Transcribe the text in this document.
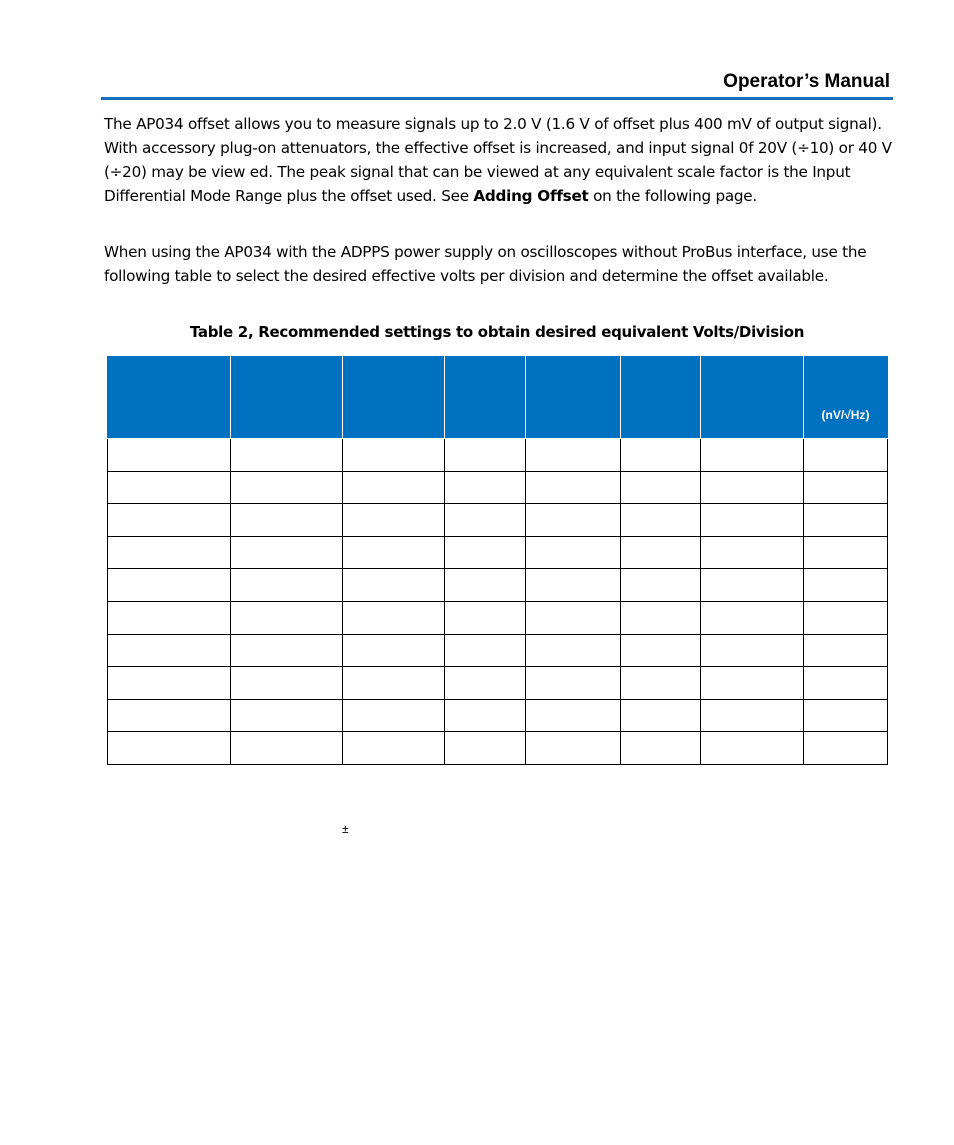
Operator’s Manual

The AP034 offset allows you to measure signals up to 2.0 V (1.6 V of offset plus 400 mV of output signal). With accessory plug-on attenuators, the effective offset is increased, and input signal 0f 20V (÷10) or 40 V (÷20) may be view ed. The peak signal that can be viewed at any equivalent scale factor is the Input Differential Mode Range plus the offset used. See Adding Offset on the following page.

When using the AP034 with the ADPPS power supply on oscilloscopes without ProBus interface, use the following table to select the desired effective volts per division and determine the offset available.

Table 2, Recommended settings to obtain desired equivalent Volts/Division
							(nV/√Hz)

±
